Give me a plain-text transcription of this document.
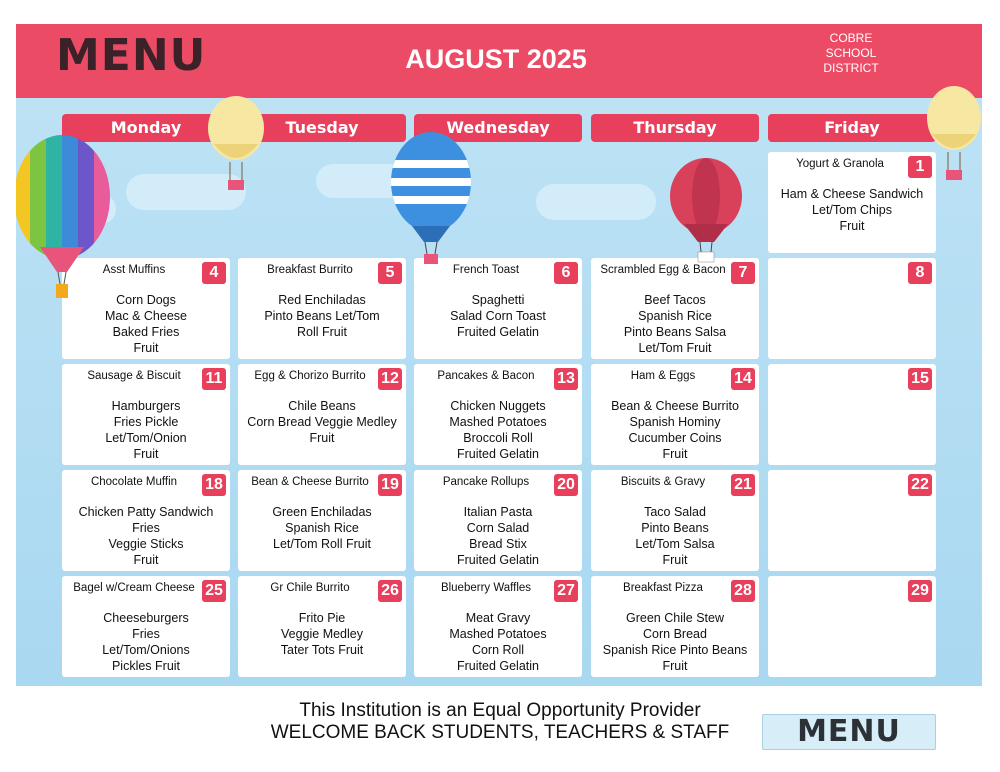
MENU	AUGUST 2025
COBRE
SCHOOL
DISTRICT
Monday	Tuesday	Wednesday	Thursday	Friday
Yogurt & Granola	1
Ham & Cheese Sandwich
Let/Tom Chips
Fruit
Asst Muffins	4
Corn Dogs
Mac & Cheese
Baked Fries
Fruit
Breakfast Burrito	5
Red Enchiladas
Pinto Beans Let/Tom
Roll Fruit
French Toast	6
Spaghetti
Salad Corn Toast
Fruited Gelatin
Scrambled Egg & Bacon 7
Beef Tacos
Spanish Rice
Pinto Beans Salsa
Let/Tom Fruit
8
Sausage & Biscuit	11
Hamburgers
Fries Pickle
Let/Tom/Onion
Fruit
Egg & Chorizo Burrito 12
Chile Beans
Corn Bread Veggie Medley
Fruit
Pancakes & Bacon	13
Chicken Nuggets
Mashed Potatoes
Broccoli Roll
Fruited Gelatin
Ham & Eggs	14
Bean & Cheese Burrito
Spanish Hominy
Cucumber Coins
Fruit
15
Chocolate Muffin	18
Chicken Patty Sandwich
Fries
Veggie Sticks
Fruit
Bean & Cheese Burrito 19
Green Enchiladas
Spanish Rice
Let/Tom Roll Fruit
Pancake Rollups	20
Italian Pasta
Corn Salad
Bread Stix
Fruited Gelatin
Biscuits & Gravy	21
Taco Salad
Pinto Beans
Let/Tom Salsa
Fruit
22
Bagel w/Cream Cheese 25
Cheeseburgers
Fries
Let/Tom/Onions
Pickles Fruit
Gr Chile Burrito	26
Frito Pie
Veggie Medley
Tater Tots Fruit
Blueberry Waffles	27
Meat Gravy
Mashed Potatoes
Corn Roll
Fruited Gelatin
Breakfast Pizza	28
Green Chile Stew
Corn Bread
Spanish Rice Pinto Beans
Fruit
29
This Institution is an Equal Opportunity Provider
WELCOME BACK STUDENTS, TEACHERS & STAFF	MENU
